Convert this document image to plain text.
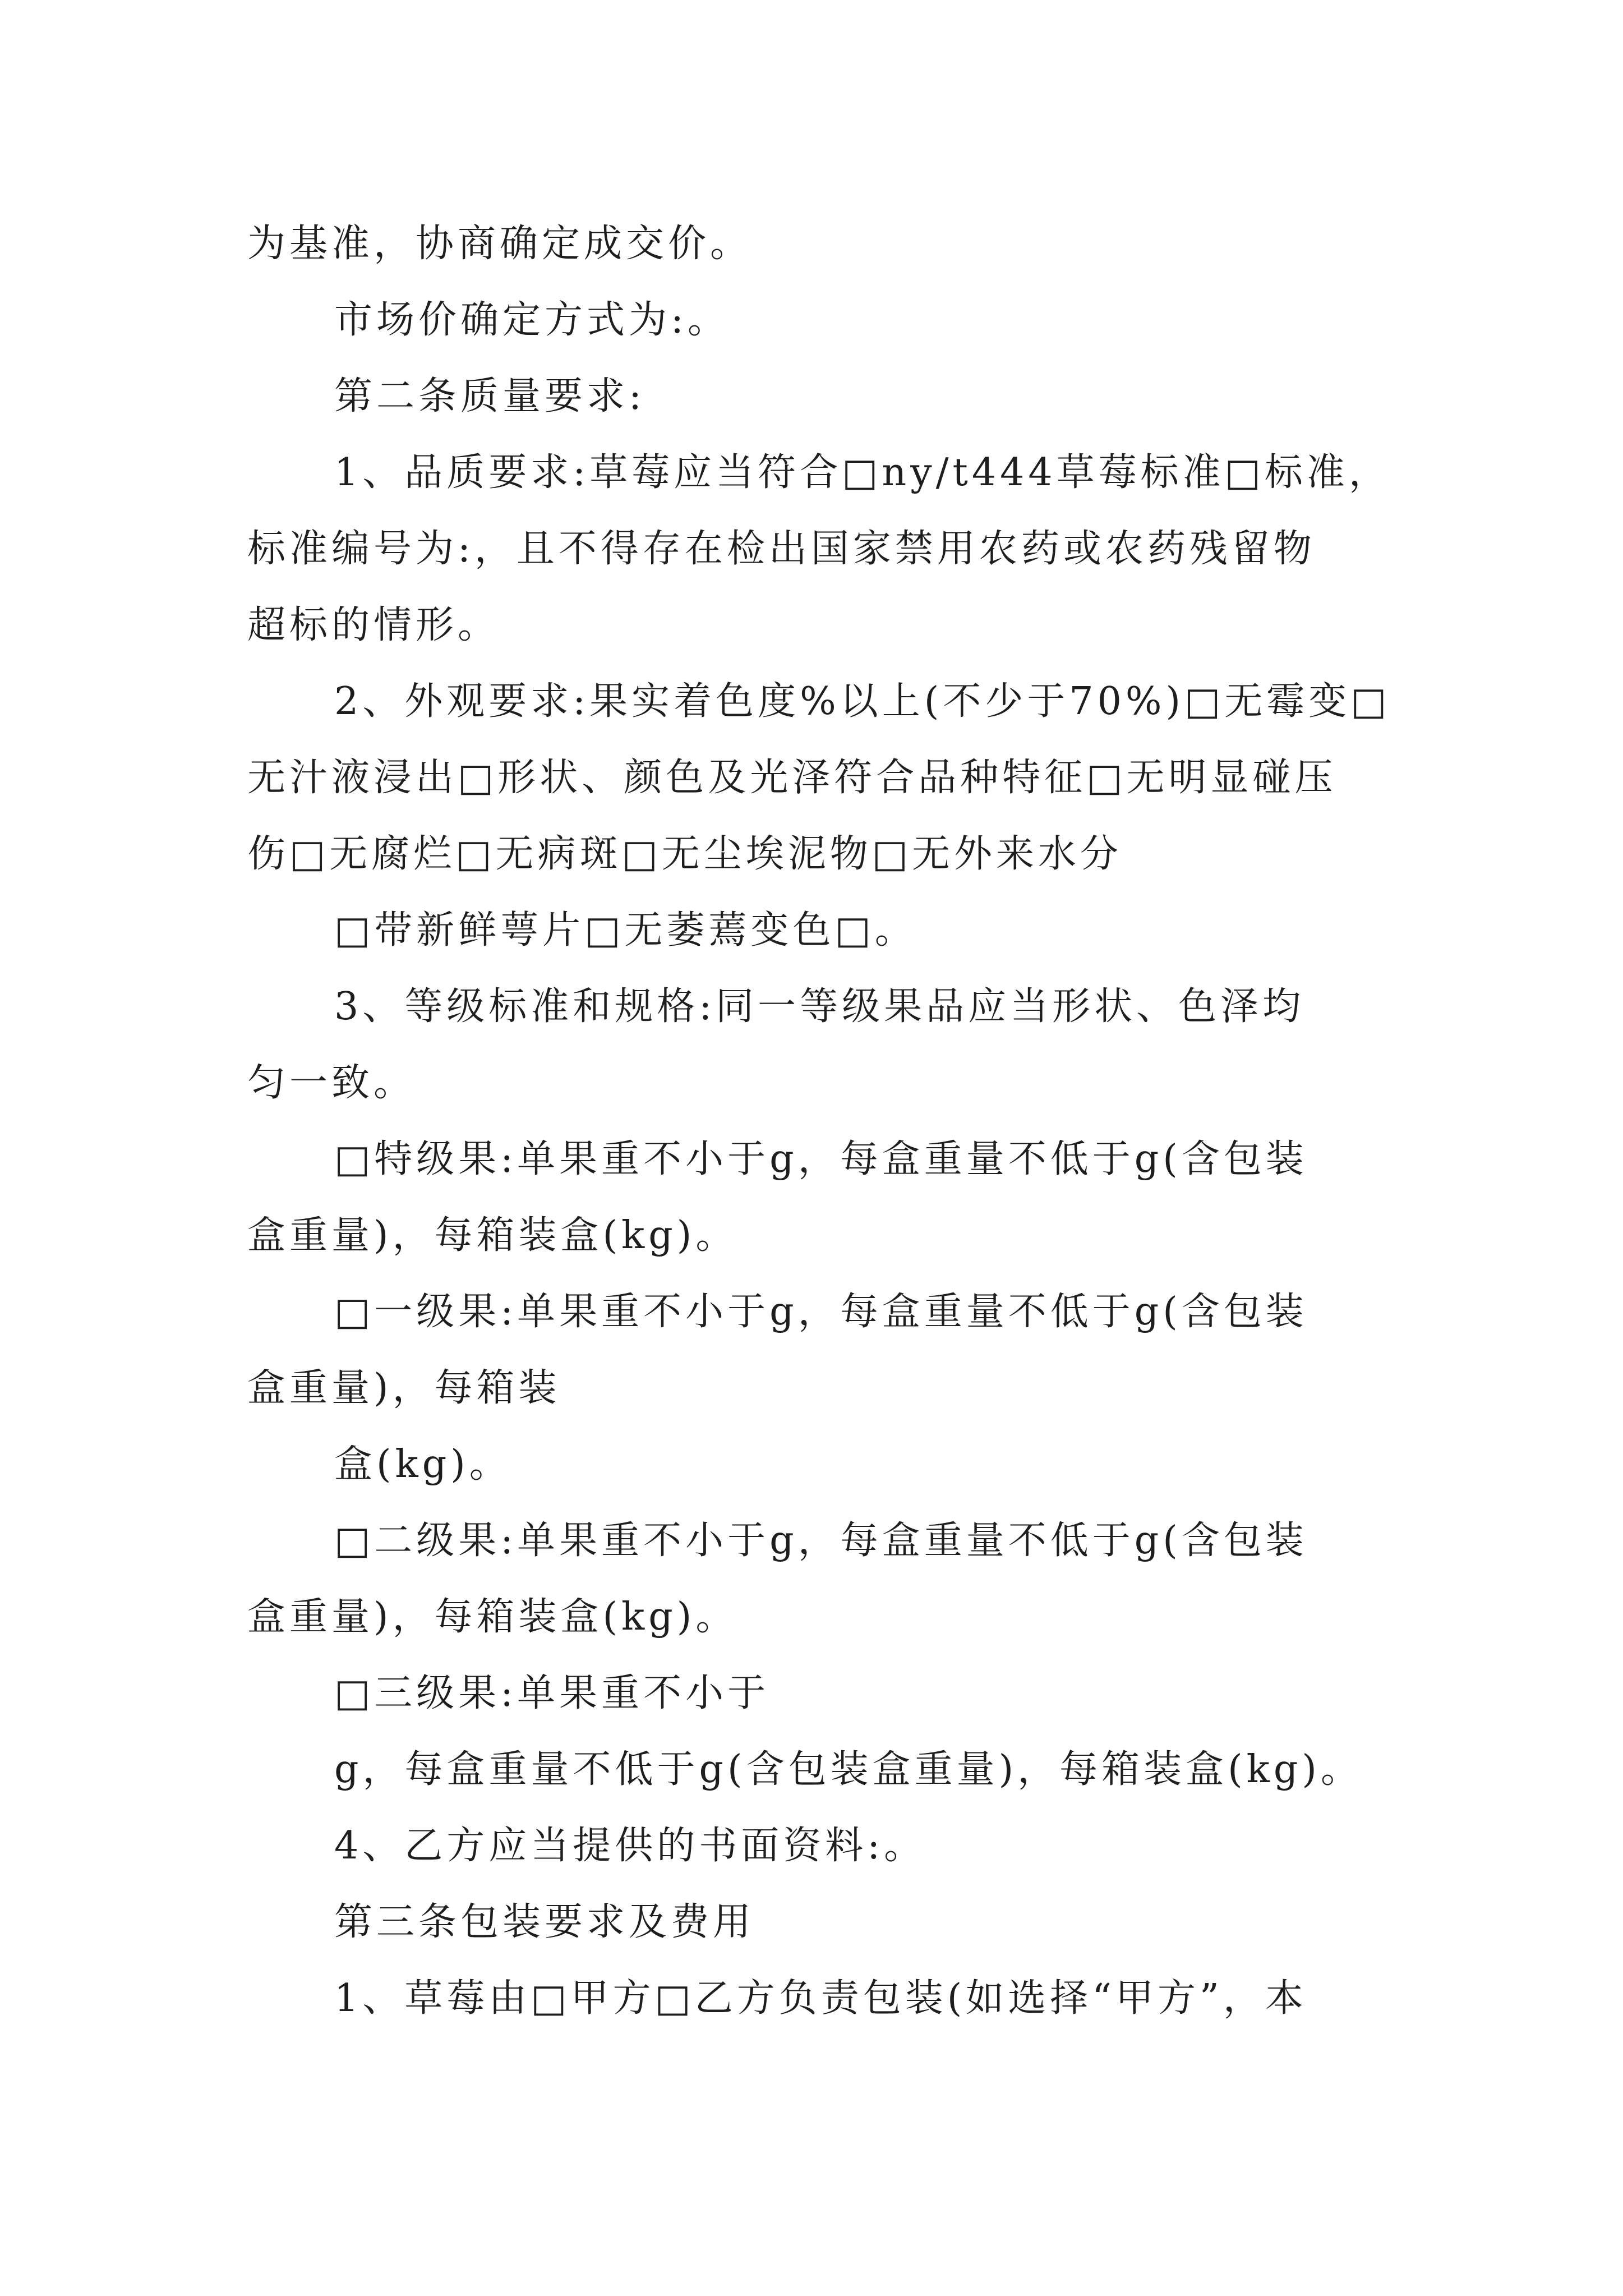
为基准，协商确定成交价。
市场价确定方式为:。
第二条质量要求:
1、品质要求:草莓应当符合□ny/t444草莓标准□标准，
标准编号为:，且不得存在检出国家禁用农药或农药残留物
超标的情形。
2、外观要求:果实着色度%以上(不少于70%)□无霉变□
无汁液浸出□形状、颜色及光泽符合品种特征□无明显碰压
伤□无腐烂□无病斑□无尘埃泥物□无外来水分
□带新鲜萼片□无萎蔫变色□。
3、等级标准和规格:同一等级果品应当形状、色泽均
匀一致。
□特级果:单果重不小于g，每盒重量不低于g(含包装
盒重量)，每箱装盒(kg)。
□一级果:单果重不小于g，每盒重量不低于g(含包装
盒重量)，每箱装
盒(kg)。
□二级果:单果重不小于g，每盒重量不低于g(含包装
盒重量)，每箱装盒(kg)。
□三级果:单果重不小于
g，每盒重量不低于g(含包装盒重量)，每箱装盒(kg)。
4、乙方应当提供的书面资料:。
第三条包装要求及费用
1、草莓由□甲方□乙方负责包装(如选择“甲方”，本
